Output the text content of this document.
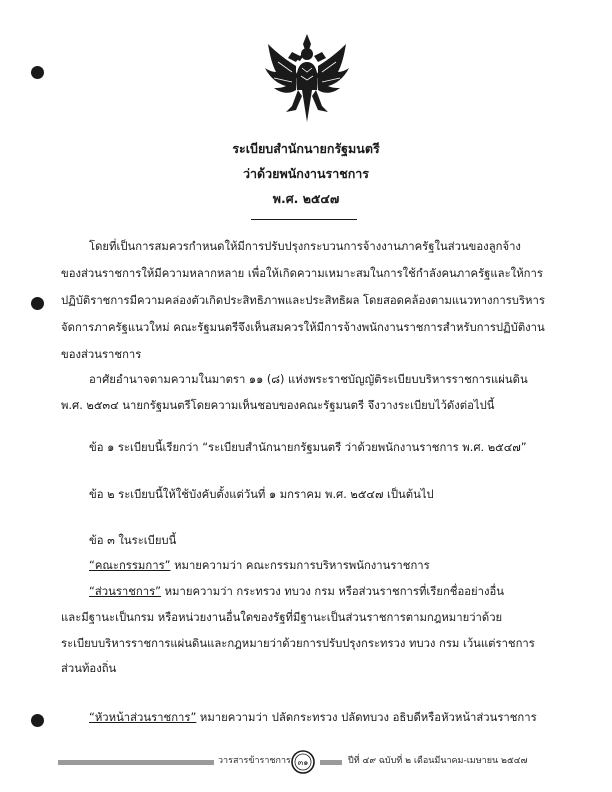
ระเบียบสำนักนายกรัฐมนตรี
ว่าด้วยพนักงานราชการ
พ.ศ. ๒๕๔๗
โดยที่เป็นการสมควรกำหนดให้มีการปรับปรุงกระบวนการจ้างงานภาครัฐในส่วนของลูกจ้าง
ของส่วนราชการให้มีความหลากหลาย เพื่อให้เกิดความเหมาะสมในการใช้กำลังคนภาครัฐและให้การ
ปฏิบัติราชการมีความคล่องตัวเกิดประสิทธิภาพและประสิทธิผล โดยสอดคล้องตามแนวทางการบริหาร
จัดการภาครัฐแนวใหม่ คณะรัฐมนตรีจึงเห็นสมควรให้มีการจ้างพนักงานราชการสำหรับการปฏิบัติงาน
ของส่วนราชการ
อาศัยอำนาจตามความในมาตรา ๑๑ (๘) แห่งพระราชบัญญัติระเบียบบริหารราชการแผ่นดิน
พ.ศ. ๒๕๓๔ นายกรัฐมนตรีโดยความเห็นชอบของคณะรัฐมนตรี จึงวางระเบียบไว้ดังต่อไปนี้
ข้อ ๑ ระเบียบนี้เรียกว่า “ระเบียบสำนักนายกรัฐมนตรี ว่าด้วยพนักงานราชการ พ.ศ. ๒๕๔๗”
ข้อ ๒ ระเบียบนี้ให้ใช้บังคับตั้งแต่วันที่ ๑ มกราคม พ.ศ. ๒๕๔๗ เป็นต้นไป
ข้อ ๓ ในระเบียบนี้
“คณะกรรมการ” หมายความว่า คณะกรรมการบริหารพนักงานราชการ
“ส่วนราชการ” หมายความว่า กระทรวง ทบวง กรม หรือส่วนราชการที่เรียกชื่ออย่างอื่น
และมีฐานะเป็นกรม หรือหน่วยงานอื่นใดของรัฐที่มีฐานะเป็นส่วนราชการตามกฎหมายว่าด้วย
ระเบียบบริหารราชการแผ่นดินและกฎหมายว่าด้วยการปรับปรุงกระทรวง ทบวง กรม เว้นแต่ราชการ
ส่วนท้องถิ่น
“หัวหน้าส่วนราชการ” หมายความว่า ปลัดกระทรวง ปลัดทบวง อธิบดีหรือหัวหน้าส่วนราชการ
วารสารข้าราชการ ๓๑	ปีที่ ๔๙ ฉบับที่ ๒ เดือนมีนาคม-เมษายน ๒๕๔๗
